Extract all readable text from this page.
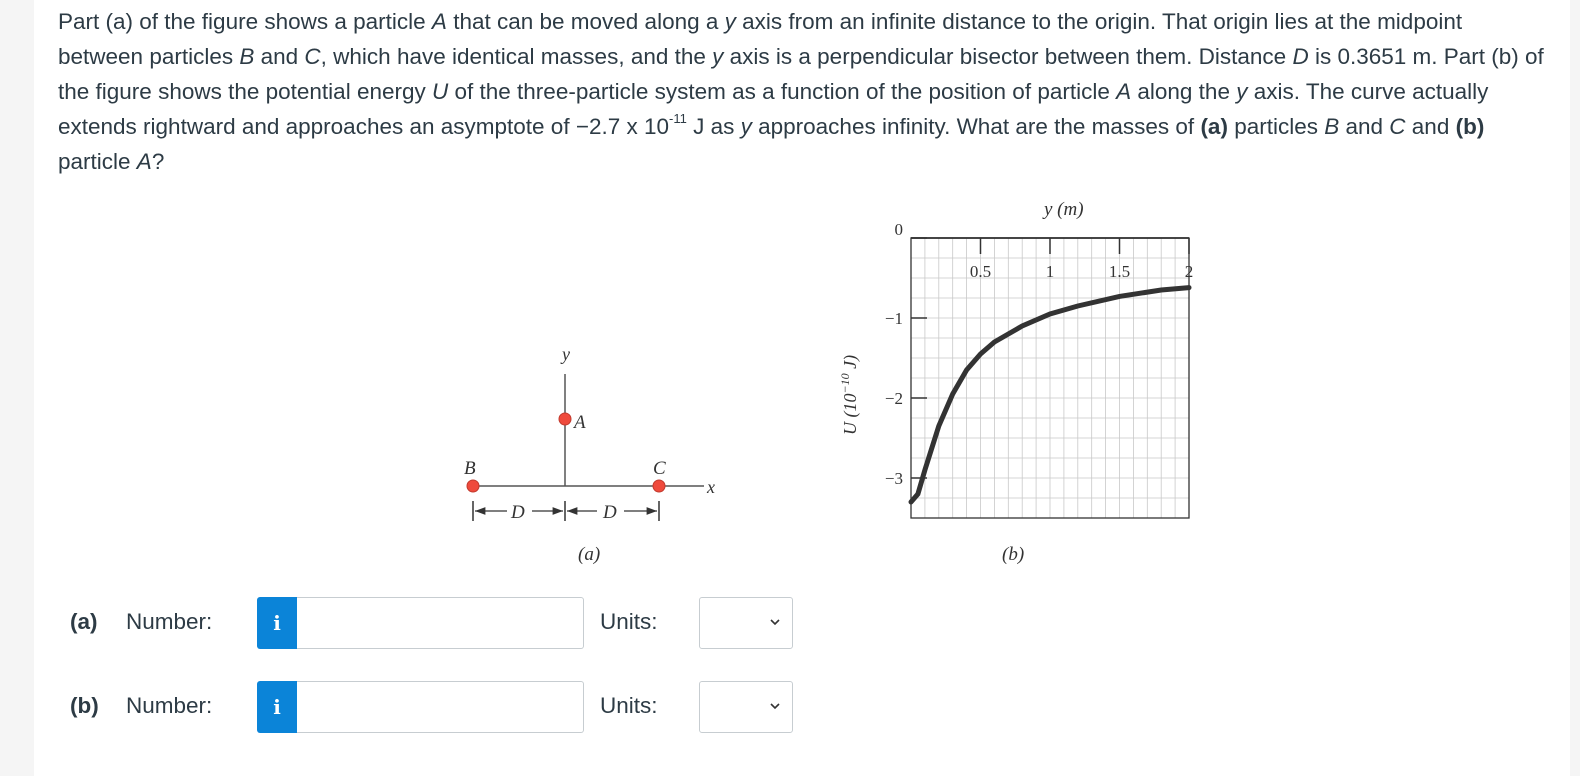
Part (a) of the figure shows a particle A that can be moved along a y axis from an infinite distance to the origin. That origin lies at the midpoint between particles B and C, which have identical masses, and the y axis is a perpendicular bisector between them. Distance D is 0.3651 m. Part (b) of the figure shows the potential energy U of the three-particle system as a function of the position of particle A along the y axis. The curve actually extends rightward and approaches an asymptote of −2.7 x $10^{-11}$ J as y approaches infinity. What are the masses of (a) particles B and C and (b) particle A?
y
x
A
B	C
D	D
(a)
0.5	1	1.5	2
0
−1
−2
−3
y (m)
U ($10^{-10}$ J)
(b)
(a) Number:	i	Units:
(b) Number:	i	Units:
